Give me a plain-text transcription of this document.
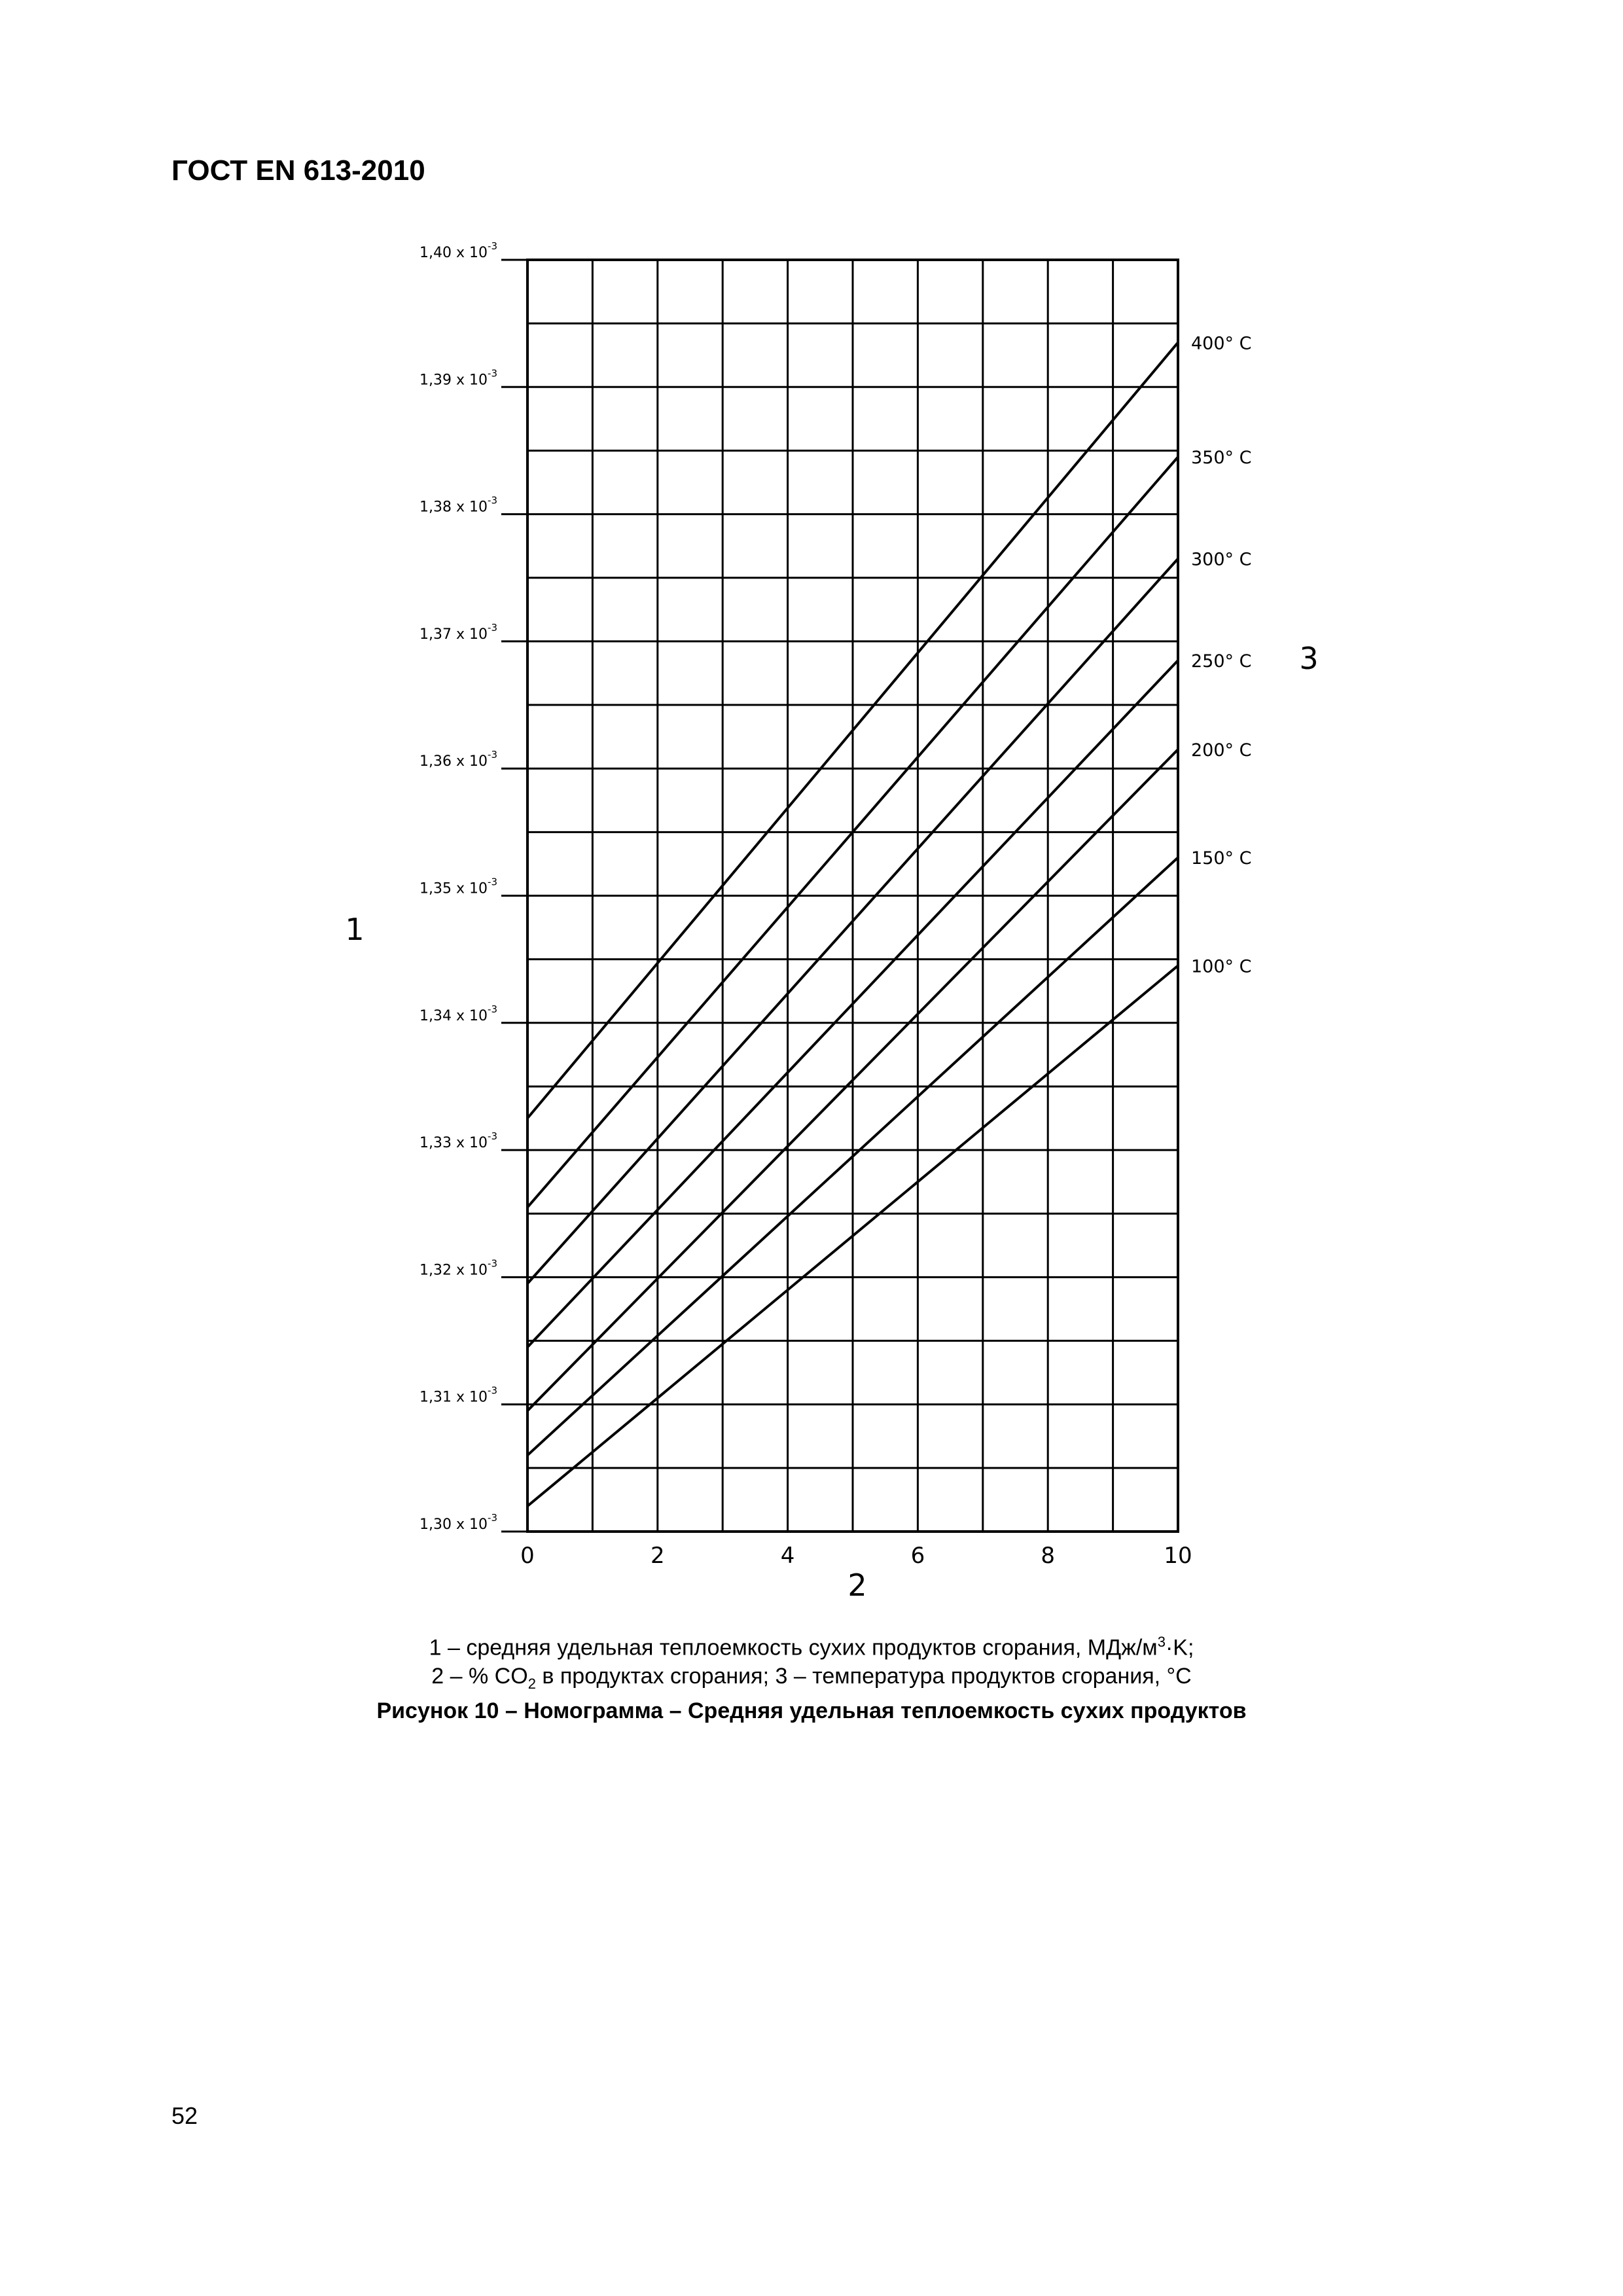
ГОСТ EN 613-2010
1,30 x $10^{-3}$
1,31 x $10^{-3}$
1,32 x $10^{-3}$
1,33 x $10^{-3}$
1,34 x $10^{-3}$
1,35 x $10^{-3}$
1,36 x $10^{-3}$
1,37 x $10^{-3}$
1,38 x $10^{-3}$
1,39 x $10^{-3}$
1,40 x $10^{-3}$
0	2	4	6	8	10
400° C
350° C
300° C
250° C
200° C
150° C
100° C
1
2
3
1 – средняя удельная теплоемкость сухих продуктов сгорания, МДж/$м^3\cdot K$;
2 – % $CO_2$ в продуктах сгорания; 3 – температура продуктов сгорания, °C
Рисунок 10 – Номограмма – Средняя удельная теплоемкость сухих продуктов
52
